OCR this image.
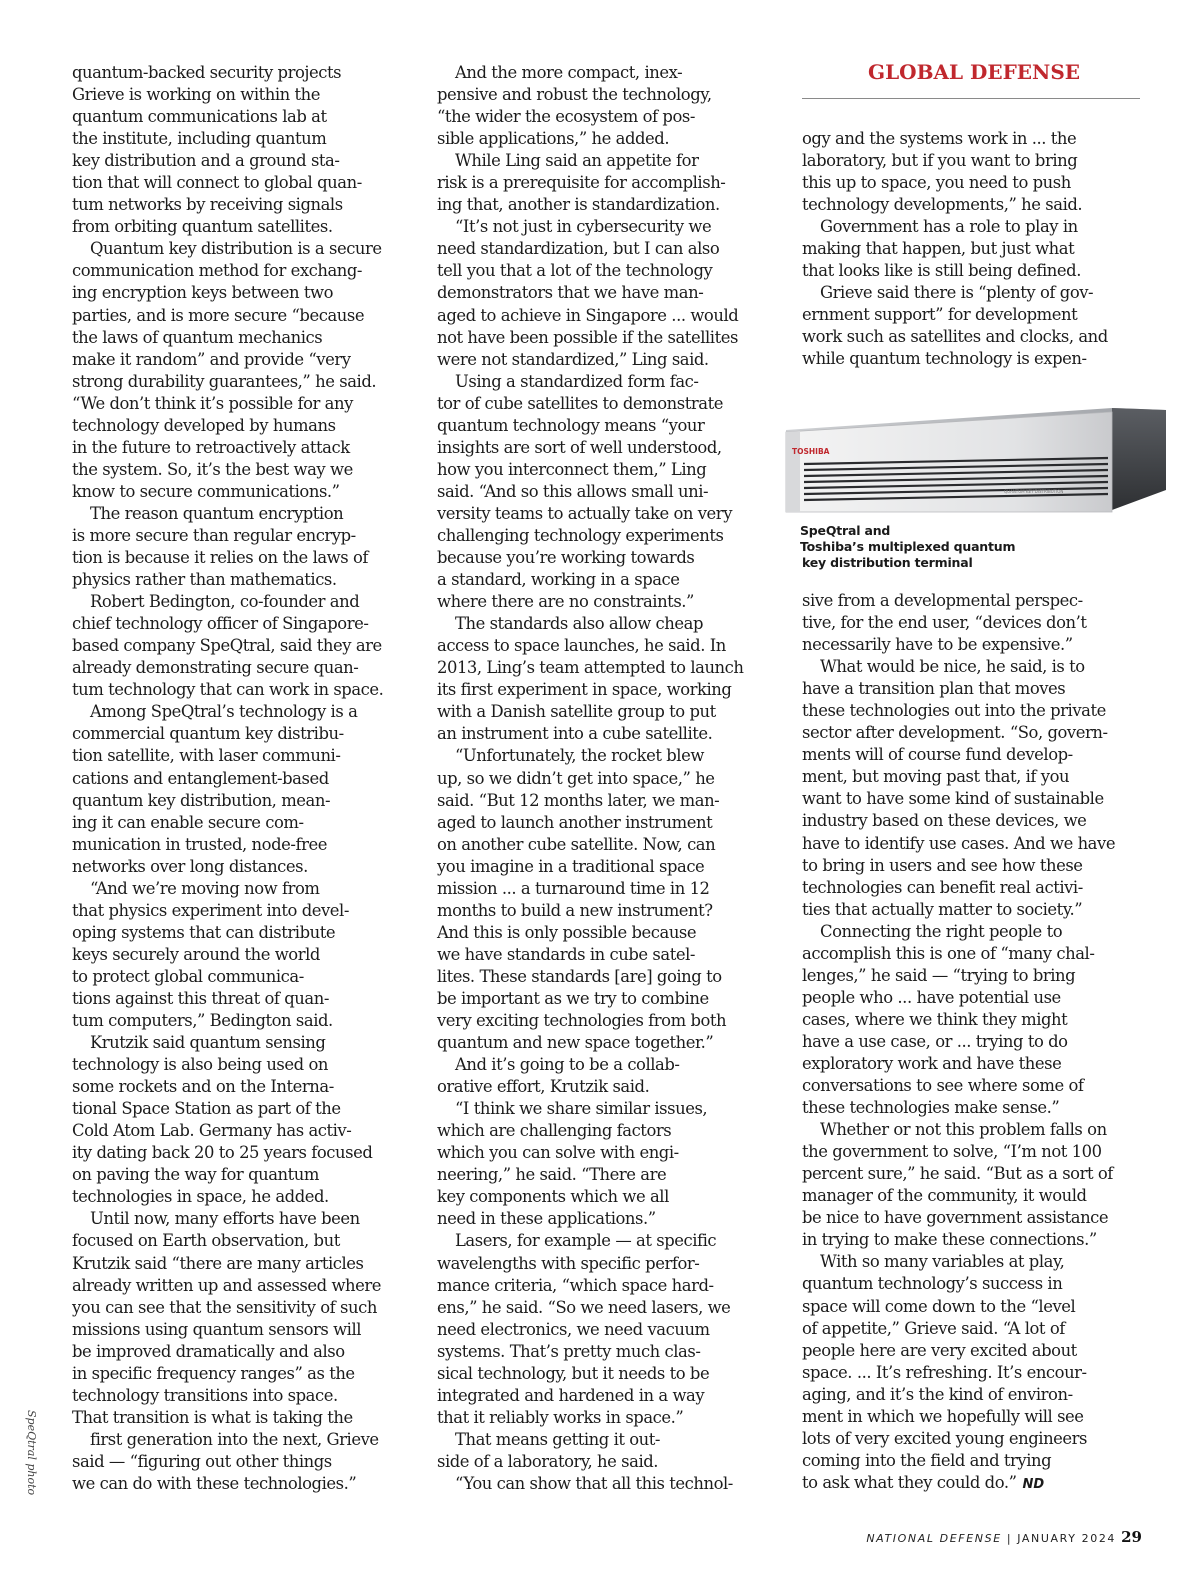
GLOBAL DEFENSE
quantum-backed security projects
Grieve is working on within the
quantum communications lab at
the institute, including quantum
key distribution and a ground sta-
tion that will connect to global quan-
tum networks by receiving signals
from orbiting quantum satellites.
Quantum key distribution is a secure
communication method for exchang-
ing encryption keys between two
parties, and is more secure “because
the laws of quantum mechanics
make it random” and provide “very
strong durability guarantees,” he said.
“We don’t think it’s possible for any
technology developed by humans
in the future to retroactively attack
the system. So, it’s the best way we
know to secure communications.”
The reason quantum encryption
is more secure than regular encryp-
tion is because it relies on the laws of
physics rather than mathematics.
Robert Bedington, co-founder and
chief technology officer of Singapore-
based company SpeQtral, said they are
already demonstrating secure quan-
tum technology that can work in space.
Among SpeQtral’s technology is a
commercial quantum key distribu-
tion satellite, with laser communi-
cations and entanglement-based
quantum key distribution, mean-
ing it can enable secure com-
munication in trusted, node-free
networks over long distances.
“And we’re moving now from
that physics experiment into devel-
oping systems that can distribute
keys securely around the world
to protect global communica-
tions against this threat of quan-
tum computers,” Bedington said.
Krutzik said quantum sensing
technology is also being used on
some rockets and on the Interna-
tional Space Station as part of the
Cold Atom Lab. Germany has activ-
ity dating back 20 to 25 years focused
on paving the way for quantum
technologies in space, he added.
Until now, many efforts have been
focused on Earth observation, but
Krutzik said “there are many articles
already written up and assessed where
you can see that the sensitivity of such
missions using quantum sensors will
be improved dramatically and also
in specific frequency ranges” as the
technology transitions into space.
That transition is what is taking the
first generation into the next, Grieve
said — “figuring out other things
we can do with these technologies.”
And the more compact, inex-
pensive and robust the technology,
“the wider the ecosystem of pos-
sible applications,” he added.
While Ling said an appetite for
risk is a prerequisite for accomplish-
ing that, another is standardization.
“It’s not just in cybersecurity we
need standardization, but I can also
tell you that a lot of the technology
demonstrators that we have man-
aged to achieve in Singapore ... would
not have been possible if the satellites
were not standardized,” Ling said.
Using a standardized form fac-
tor of cube satellites to demonstrate
quantum technology means “your
insights are sort of well understood,
how you interconnect them,” Ling
said. “And so this allows small uni-
versity teams to actually take on very
challenging technology experiments
because you’re working towards
a standard, working in a space
where there are no constraints.”
The standards also allow cheap
access to space launches, he said. In
2013, Ling’s team attempted to launch
its first experiment in space, working
with a Danish satellite group to put
an instrument into a cube satellite.
“Unfortunately, the rocket blew
up, so we didn’t get into space,” he
said. “But 12 months later, we man-
aged to launch another instrument
on another cube satellite. Now, can
you imagine in a traditional space
mission ... a turnaround time in 12
months to build a new instrument?
And this is only possible because
we have standards in cube satel-
lites. These standards [are] going to
be important as we try to combine
very exciting technologies from both
quantum and new space together.”
And it’s going to be a collab-
orative effort, Krutzik said.
“I think we share similar issues,
which are challenging factors
which you can solve with engi-
neering,” he said. “There are
key components which we all
need in these applications.”
Lasers, for example — at specific
wavelengths with specific perfor-
mance criteria, “which space hard-
ens,” he said. “So we need lasers, we
need electronics, we need vacuum
systems. That’s pretty much clas-
sical technology, but it needs to be
integrated and hardened in a way
that it reliably works in space.”
That means getting it out-
side of a laboratory, he said.
“You can show that all this technol-
ogy and the systems work in ... the
laboratory, but if you want to bring
this up to space, you need to push
technology developments,” he said.
Government has a role to play in
making that happen, but just what
that looks like is still being defined.
Grieve said there is “plenty of gov-
ernment support” for development
work such as satellites and clocks, and
while quantum technology is expen-
TOSHIBA
QUANTUM KEY DISTRIBUTION
SpeQtral and
Toshiba’s multiplexed quantum
key distribution terminal
sive from a developmental perspec-
tive, for the end user, “devices don’t
necessarily have to be expensive.”
What would be nice, he said, is to
have a transition plan that moves
these technologies out into the private
sector after development. “So, govern-
ments will of course fund develop-
ment, but moving past that, if you
want to have some kind of sustainable
industry based on these devices, we
have to identify use cases. And we have
to bring in users and see how these
technologies can benefit real activi-
ties that actually matter to society.”
Connecting the right people to
accomplish this is one of “many chal-
lenges,” he said — “trying to bring
people who ... have potential use
cases, where we think they might
have a use case, or ... trying to do
exploratory work and have these
conversations to see where some of
these technologies make sense.”
Whether or not this problem falls on
the government to solve, “I’m not 100
percent sure,” he said. “But as a sort of
manager of the community, it would
be nice to have government assistance
in trying to make these connections.”
With so many variables at play,
quantum technology’s success in
space will come down to the “level
of appetite,” Grieve said. “A lot of
people here are very excited about
space. ... It’s refreshing. It’s encour-
aging, and it’s the kind of environ-
ment in which we hopefully will see
lots of very excited young engineers
coming into the field and trying
to ask what they could do.” ND
SpeQtral photo
NATIONAL DEFENSE | JANUARY 2024 29
